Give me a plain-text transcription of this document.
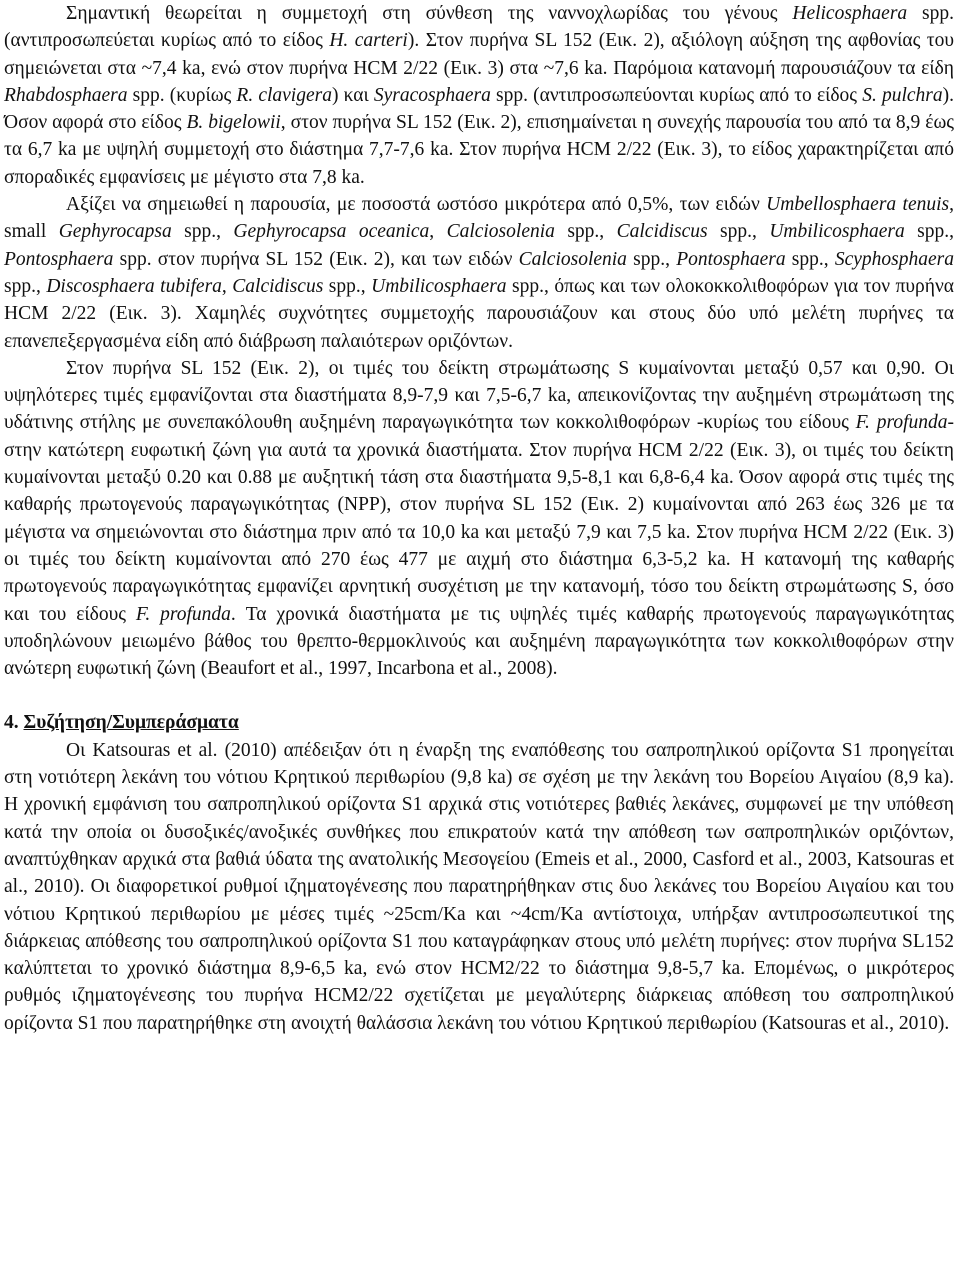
Σημαντική θεωρείται η συμμετοχή στη σύνθεση της ναννοχλωρίδας του γένους Helicosphaera spp. (αντιπροσωπεύεται κυρίως από το είδος H. carteri). Στον πυρήνα SL 152 (Εικ. 2), αξιόλογη αύξηση της αφθονίας του σημειώνεται στα ~7,4 ka, ενώ στον πυρήνα HCM 2/22 (Εικ. 3) στα ~7,6 ka. Παρόμοια κατανομή παρουσιάζουν τα είδη Rhabdosphaera spp. (κυρίως R. clavigera) και Syracosphaera spp. (αντιπροσωπεύονται κυρίως από το είδος S. pulchra). Όσον αφορά στο είδος B. bigelowii, στον πυρήνα SL 152 (Εικ. 2), επισημαίνεται η συνεχής παρουσία του από τα 8,9 έως τα 6,7 ka με υψηλή συμμετοχή στο διάστημα 7,7-7,6 ka. Στον πυρήνα HCM 2/22 (Εικ. 3), το είδος χαρακτηρίζεται από σποραδικές εμφανίσεις με μέγιστο στα 7,8 ka.

Αξίζει να σημειωθεί η παρουσία, με ποσοστά ωστόσο μικρότερα από 0,5%, των ειδών Umbellosphaera tenuis, small Gephyrocapsa spp., Gephyrocapsa oceanica, Calciosolenia spp., Calcidiscus spp., Umbilicosphaera spp., Pontosphaera spp. στον πυρήνα SL 152 (Εικ. 2), και των ειδών Calciosolenia spp., Pontosphaera spp., Scyphosphaera spp., Discosphaera tubifera, Calcidiscus spp., Umbilicosphaera spp., όπως και των ολοκοκκολιθοφόρων για τον πυρήνα HCM 2/22 (Εικ. 3). Χαμηλές συχνότητες συμμετοχής παρουσιάζουν και στους δύο υπό μελέτη πυρήνες τα επανεπεξεργασμένα είδη από διάβρωση παλαιότερων οριζόντων.

Στον πυρήνα SL 152 (Εικ. 2), οι τιμές του δείκτη στρωμάτωσης S κυμαίνονται μεταξύ 0,57 και 0,90. Οι υψηλότερες τιμές εμφανίζονται στα διαστήματα 8,9-7,9 και 7,5-6,7 ka, απεικονίζοντας την αυξημένη στρωμάτωση της υδάτινης στήλης με συνεπακόλουθη αυξημένη παραγωγικότητα των κοκκολιθοφόρων -κυρίως του είδους F. profunda- στην κατώτερη ευφωτική ζώνη για αυτά τα χρονικά διαστήματα. Στον πυρήνα HCM 2/22 (Εικ. 3), οι τιμές του δείκτη κυμαίνονται μεταξύ 0.20 και 0.88 με αυξητική τάση στα διαστήματα 9,5-8,1 και 6,8-6,4 ka. Όσον αφορά στις τιμές της καθαρής πρωτογενούς παραγωγικότητας (NPP), στον πυρήνα SL 152 (Εικ. 2) κυμαίνονται από 263 έως 326 με τα μέγιστα να σημειώνονται στο διάστημα πριν από τα 10,0 ka και μεταξύ 7,9 και 7,5 ka. Στον πυρήνα HCM 2/22 (Εικ. 3) οι τιμές του δείκτη κυμαίνονται από 270 έως 477 με αιχμή στο διάστημα 6,3-5,2 ka. Η κατανομή της καθαρής πρωτογενούς παραγωγικότητας εμφανίζει αρνητική συσχέτιση με την κατανομή, τόσο του δείκτη στρωμάτωσης S, όσο και του είδους F. profunda. Τα χρονικά διαστήματα με τις υψηλές τιμές καθαρής πρωτογενούς παραγωγικότητας υποδηλώνουν μειωμένο βάθος του θρεπτο-θερμοκλινούς και αυξημένη παραγωγικότητα των κοκκολιθοφόρων στην ανώτερη ευφωτική ζώνη (Beaufort et al., 1997, Incarbona et al., 2008).

4. Συζήτηση/Συμπεράσματα

Οι Katsouras et al. (2010) απέδειξαν ότι η έναρξη της εναπόθεσης του σαπροπηλικού ορίζοντα S1 προηγείται στη νοτιότερη λεκάνη του νότιου Κρητικού περιθωρίου (9,8 ka) σε σχέση με την λεκάνη του Βορείου Αιγαίου (8,9 ka). Η χρονική εμφάνιση του σαπροπηλικού ορίζοντα S1 αρχικά στις νοτιότερες βαθιές λεκάνες, συμφωνεί με την υπόθεση κατά την οποία οι δυσοξικές/ανοξικές συνθήκες που επικρατούν κατά την απόθεση των σαπροπηλικών οριζόντων, αναπτύχθηκαν αρχικά στα βαθιά ύδατα της ανατολικής Μεσογείου (Emeis et al., 2000, Casford et al., 2003, Katsouras et al., 2010). Οι διαφορετικοί ρυθμοί ιζηματογένεσης που παρατηρήθηκαν στις δυο λεκάνες του Βορείου Αιγαίου και του νότιου Κρητικού περιθωρίου με μέσες τιμές ~25cm/Ka και ~4cm/Ka αντίστοιχα, υπήρξαν αντιπροσωπευτικοί της διάρκειας απόθεσης του σαπροπηλικού ορίζοντα S1 που καταγράφηκαν στους υπό μελέτη πυρήνες: στον πυρήνα SL152 καλύπτεται το χρονικό διάστημα 8,9-6,5 ka, ενώ στον HCM2/22 το διάστημα 9,8-5,7 ka. Επομένως, ο μικρότερος ρυθμός ιζηματογένεσης του πυρήνα HCM2/22 σχετίζεται με μεγαλύτερης διάρκειας απόθεση του σαπροπηλικού ορίζοντα S1 που παρατηρήθηκε στη ανοιχτή θαλάσσια λεκάνη του νότιου Κρητικού περιθωρίου (Katsouras et al., 2010).
